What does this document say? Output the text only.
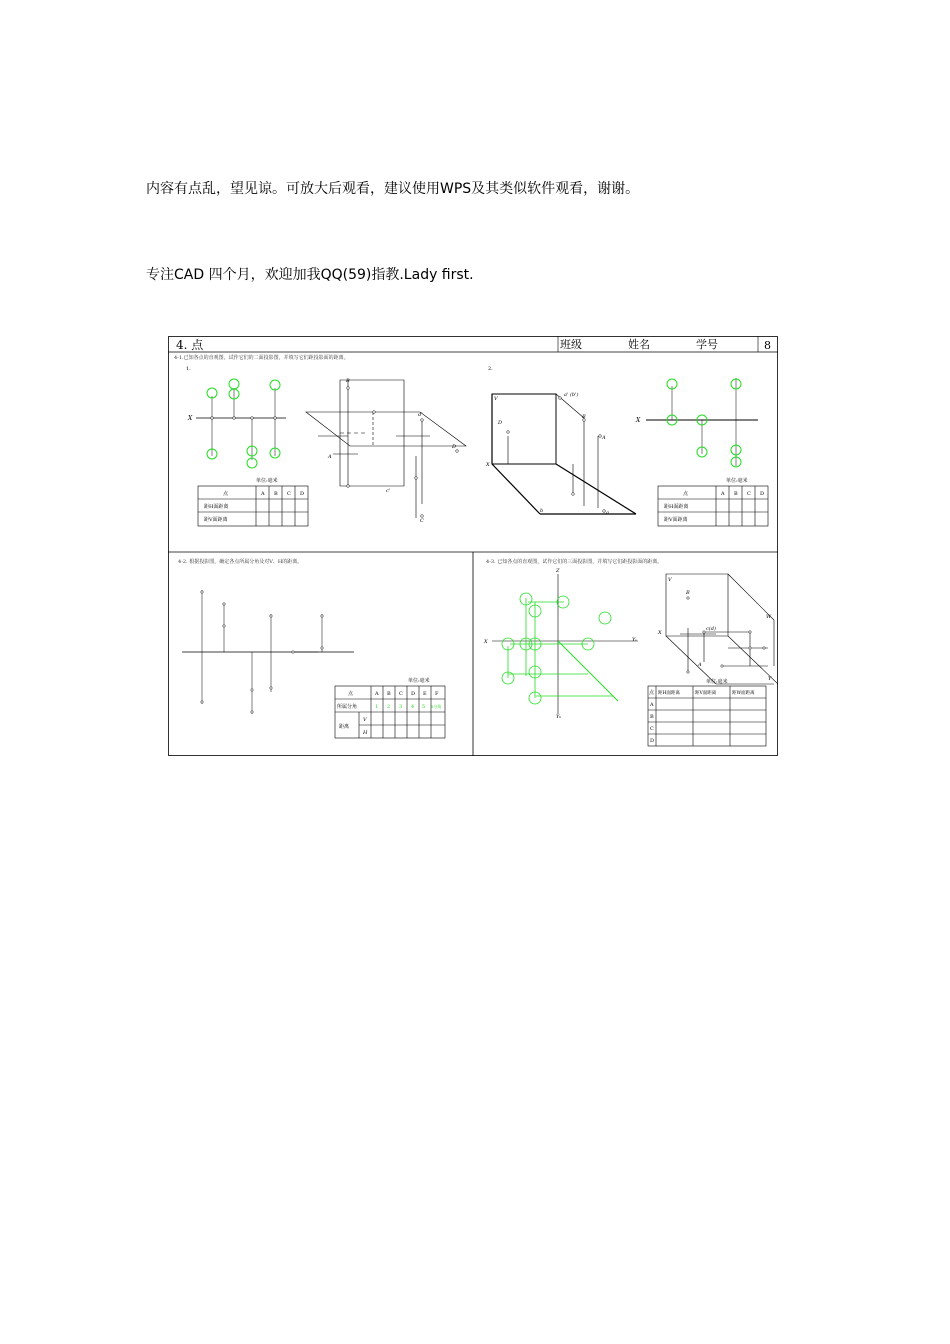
内容有点乱，望见谅。可放大后观看，建议使用WPS及其类似软件观看，谢谢。
专注CAD 四个月，欢迎加我QQ(59)指教.Lady first.
4. 点	班级	姓名	学号	8
4-1.已知各点的直观图，试作它们的二面投影图，并填写它们距投影面的距离。
1.	2.
X
B
d'
D
A
C
c'
V
a' (b')
B
A
D
X
b	a
X
单位:毫米
点	A B C D
距H面距离
距V面距离
单位:毫米
点	A B C D
距H面距离
距V面距离
4-2. 根据投影图，确定各点所属分角及对V、H的距离。
单位:毫米
点	A B C D E F
所属分角	1 2 3 4 5 5分角
距离
V
H
4-3. 已知各点的直观图，试作它们的三面投影图，并填写它们距投影面的距离。
Z
X	Yᵥ
Yₕ
V
B
c(d)
X
W
Y
A
单位:毫米
点 距H面距离	距V面距离	距W面距离
A
B
C
D
